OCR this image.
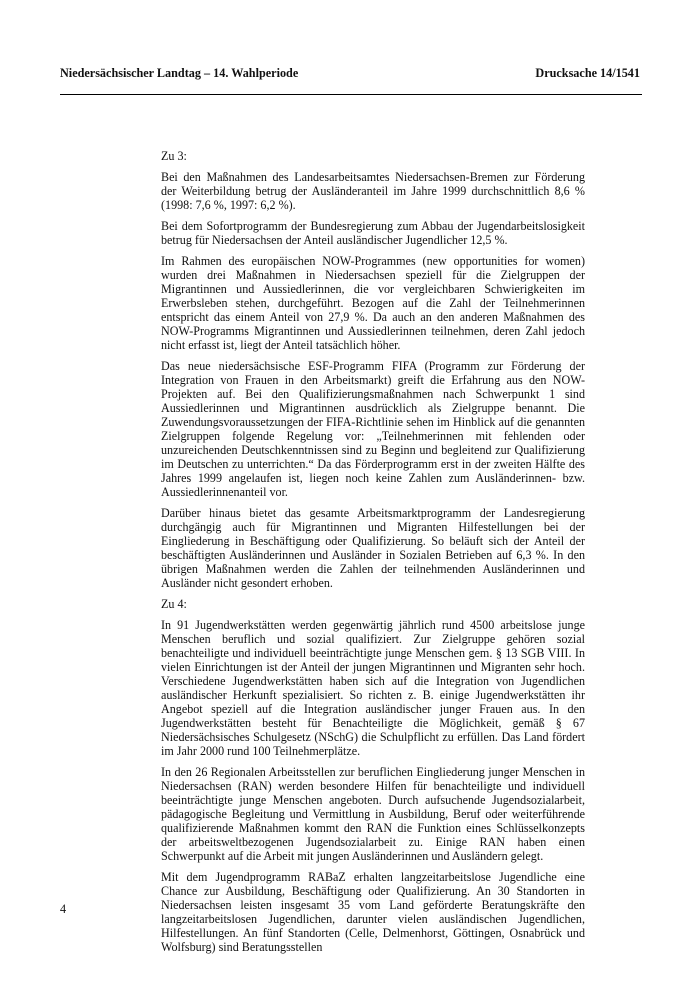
Niedersächsischer Landtag – 14. Wahlperiode	Drucksache 14/1541

Zu 3:

Bei den Maßnahmen des Landesarbeitsamtes Niedersachsen-Bremen zur Förderung der Weiterbildung betrug der Ausländeranteil im Jahre 1999 durchschnittlich 8,6 % (1998: 7,6 %, 1997: 6,2 %).

Bei dem Sofortprogramm der Bundesregierung zum Abbau der Jugendarbeitslosigkeit betrug für Niedersachsen der Anteil ausländischer Jugendlicher 12,5 %.

Im Rahmen des europäischen NOW-Programmes (new opportunities for women) wurden drei Maßnahmen in Niedersachsen speziell für die Zielgruppen der Migrantinnen und Aussiedlerinnen, die vor vergleichbaren Schwierigkeiten im Erwerbsleben stehen, durchgeführt. Bezogen auf die Zahl der Teilnehmerinnen entspricht das einem Anteil von 27,9 %. Da auch an den anderen Maßnahmen des NOW-Programms Migrantinnen und Aussiedlerinnen teilnehmen, deren Zahl jedoch nicht erfasst ist, liegt der Anteil tatsächlich höher.

Das neue niedersächsische ESF-Programm FIFA (Programm zur Förderung der Integration von Frauen in den Arbeitsmarkt) greift die Erfahrung aus den NOW-Projekten auf. Bei den Qualifizierungsmaßnahmen nach Schwerpunkt 1 sind Aussiedlerinnen und Migrantinnen ausdrücklich als Zielgruppe benannt. Die Zuwendungsvoraussetzungen der FIFA-Richtlinie sehen im Hinblick auf die genannten Zielgruppen folgende Regelung vor: „Teilnehmerinnen mit fehlenden oder unzureichenden Deutschkenntnissen sind zu Beginn und begleitend zur Qualifizierung im Deutschen zu unterrichten.“ Da das Förderprogramm erst in der zweiten Hälfte des Jahres 1999 angelaufen ist, liegen noch keine Zahlen zum Ausländerinnen- bzw. Aussiedlerinnenanteil vor.

Darüber hinaus bietet das gesamte Arbeitsmarktprogramm der Landesregierung durchgängig auch für Migrantinnen und Migranten Hilfestellungen bei der Eingliederung in Beschäftigung oder Qualifizierung. So beläuft sich der Anteil der beschäftigten Ausländerinnen und Ausländer in Sozialen Betrieben auf 6,3 %. In den übrigen Maßnahmen werden die Zahlen der teilnehmenden Ausländerinnen und Ausländer nicht gesondert erhoben.

Zu 4:

In 91 Jugendwerkstätten werden gegenwärtig jährlich rund 4500 arbeitslose junge Menschen beruflich und sozial qualifiziert. Zur Zielgruppe gehören sozial benachteiligte und individuell beeinträchtigte junge Menschen gem. § 13 SGB VIII. In vielen Einrichtungen ist der Anteil der jungen Migrantinnen und Migranten sehr hoch. Verschiedene Jugendwerkstätten haben sich auf die Integration von Jugendlichen ausländischer Herkunft spezialisiert. So richten z. B. einige Jugendwerkstätten ihr Angebot speziell auf die Integration ausländischer junger Frauen aus. In den Jugendwerkstätten besteht für Benachteiligte die Möglichkeit, gemäß § 67 Niedersächsisches Schulgesetz (NSchG) die Schulpflicht zu erfüllen. Das Land fördert im Jahr 2000 rund 100 Teilnehmerplätze.

In den 26 Regionalen Arbeitsstellen zur beruflichen Eingliederung junger Menschen in Niedersachsen (RAN) werden besondere Hilfen für benachteiligte und individuell beeinträchtigte junge Menschen angeboten. Durch aufsuchende Jugendsozialarbeit, pädagogische Begleitung und Vermittlung in Ausbildung, Beruf oder weiterführende qualifizierende Maßnahmen kommt den RAN die Funktion eines Schlüsselkonzepts der arbeitsweltbezogenen Jugendsozialarbeit zu. Einige RAN haben einen Schwerpunkt auf die Arbeit mit jungen Ausländerinnen und Ausländern gelegt.

Mit dem Jugendprogramm RABaZ erhalten langzeitarbeitslose Jugendliche eine Chance zur Ausbildung, Beschäftigung oder Qualifizierung. An 30 Standorten in Niedersachsen leisten insgesamt 35 vom Land geförderte Beratungskräfte den langzeitarbeitslosen Jugendlichen, darunter vielen ausländischen Jugendlichen, Hilfestellungen. An fünf Standorten (Celle, Delmenhorst, Göttingen, Osnabrück und Wolfsburg) sind Beratungsstellen

4
